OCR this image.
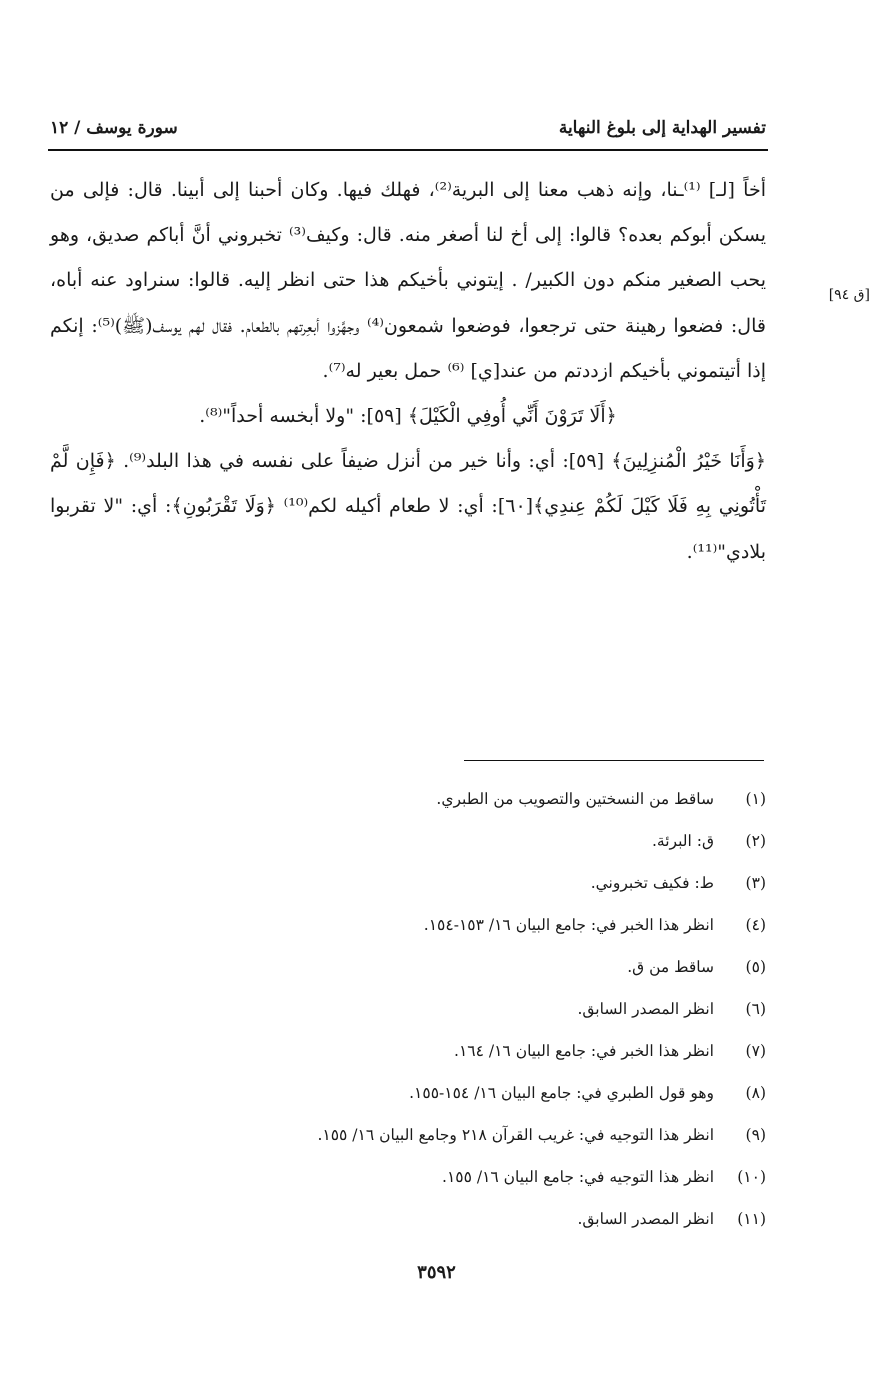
تفسير الهداية إلى بلوغ النهاية
سورة يوسف / ١٢
[ق ٩٤]

أخاً [لـ] ⁽¹⁾ـنا، وإنه ذهب معنا إلى البرية⁽²⁾، فهلك فيها. وكان أحبنا إلى أبينا. قال: فإلى من يسكن أبوكم بعده؟ قالوا: إلى أخ لنا أصغر منه. قال: وكيف⁽³⁾ تخبروني أنَّ أباكم صديق، وهو يحب الصغير منكم دون الكبير/ . إيتوني بأخيكم هذا حتى انظر إليه. قالوا: سنراود عنه أباه، قال: فضعوا رهينة حتى ترجعوا، فوضعوا شمعون⁽⁴⁾ وجهَّزوا أبعِرتهم بالطعام. فقال لهم يوسف(ﷺ)⁽⁵⁾: إنكم إذا أتيتموني بأخيكم ازددتم من عند[ي] ⁽⁶⁾ حمل بعير له⁽⁷⁾.

﴿أَلَا تَرَوْنَ أَنِّي أُوفِي الْكَيْلَ﴾ [٥٩]: "ولا أبخسه أحداً"⁽⁸⁾.

﴿وَأَنَا خَيْرُ الْمُنزِلِينَ﴾ [٥٩]: أي: وأنا خير من أنزل ضيفاً على نفسه في هذا البلد⁽⁹⁾. ﴿فَإِن لَّمْ تَأْتُونِي بِهِ فَلَا كَيْلَ لَكُمْ عِندِي﴾[٦٠]: أي: لا طعام أكيله لكم⁽¹⁰⁾ ﴿وَلَا تَقْرَبُونِ﴾: أي: "لا تقربوا بلادي"⁽¹¹⁾.

(١)
ساقط من النسختين والتصويب من الطبري.
(٢)
ق: البرئة.
(٣)
ط: فكيف تخبروني.
(٤)
انظر هذا الخبر في: جامع البيان ١٦/ ١٥٣-١٥٤.
(٥)
ساقط من ق.
(٦)
انظر المصدر السابق.
(٧)
انظر هذا الخبر في: جامع البيان ١٦/ ١٦٤.
(٨)
وهو قول الطبري في: جامع البيان ١٦/ ١٥٤-١٥٥.
(٩)
انظر هذا التوجيه في: غريب القرآن ٢١٨ وجامع البيان ١٦/ ١٥٥.
(١٠)
انظر هذا التوجيه في: جامع البيان ١٦/ ١٥٥.
(١١)
انظر المصدر السابق.
٣٥٩٢
